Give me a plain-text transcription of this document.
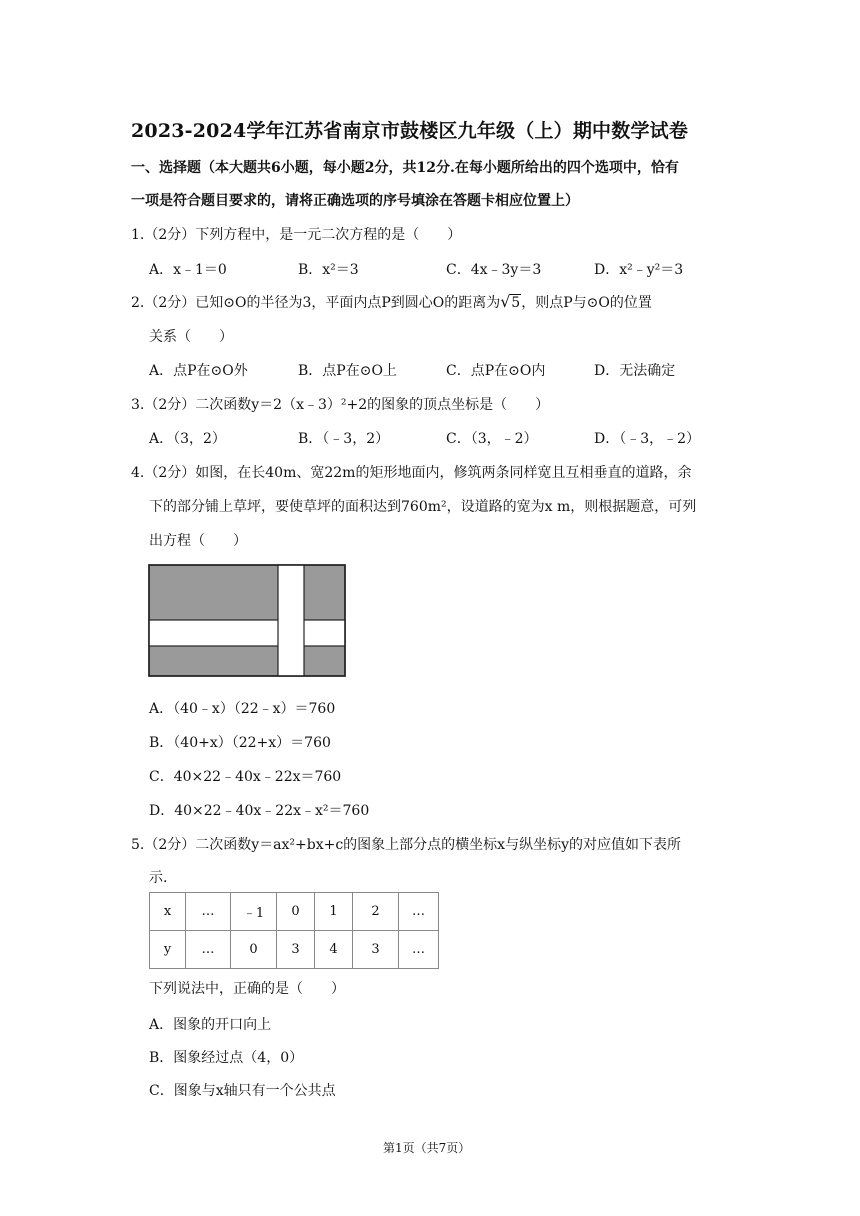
2023-2024学年江苏省南京市鼓楼区九年级（上）期中数学试卷
一、选择题（本大题共6小题，每小题2分，共12分.在每小题所给出的四个选项中，恰有
一项是符合题目要求的，请将正确选项的序号填涂在答题卡相应位置上）
1.（2分）下列方程中，是一元二次方程的是（　　）
A．x﹣1＝0	B．x²＝3	C．4x﹣3y＝3	D．x²﹣y²＝3
2.（2分）已知⊙O的半径为3，平面内点P到圆心O的距离为 √ 5，则点P与⊙O的位置
关系（　　）
A．点P在⊙O外	B．点P在⊙O上	C．点P在⊙O内	D．无法确定
3.（2分）二次函数y＝2（x﹣3）²+2的图象的顶点坐标是（　　）
A．（3，2）	B．（﹣3，2）	C．（3，﹣2）	D．（﹣3，﹣2）
4.（2分）如图，在长40m、宽22m的矩形地面内，修筑两条同样宽且互相垂直的道路，余
下的部分铺上草坪，要使草坪的面积达到760m²，设道路的宽为x m，则根据题意，可列
出方程（　　）
A．（40﹣x）（22﹣x）＝760
B．（40+x）（22+x）＝760
C．40×22﹣40x﹣22x＝760
D．40×22﹣40x﹣22x﹣x²＝760
5.（2分）二次函数y＝ax²+bx+c的图象上部分点的横坐标x与纵坐标y的对应值如下表所
示.
x	…	﹣1	0	1	2	…
y	…	0	3	4	3	…
下列说法中，正确的是（　　）
A．图象的开口向上
B．图象经过点（4，0）
C．图象与x轴只有一个公共点
第1页（共7页）
